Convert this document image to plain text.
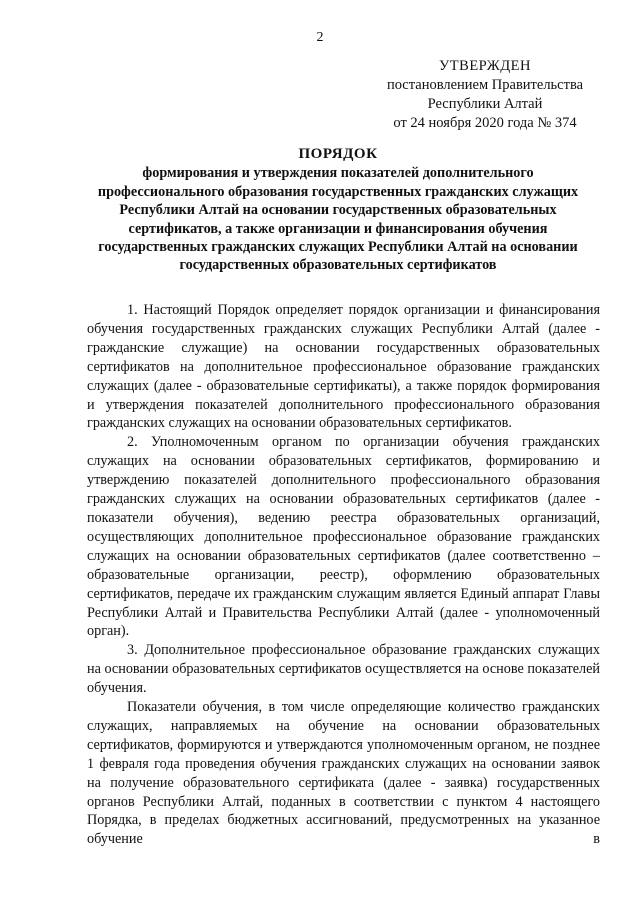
2
УТВЕРЖДЕН
постановлением Правительства
Республики Алтай
от 24 ноября 2020 года № 374
ПОРЯДОК
формирования и утверждения показателей дополнительного профессионального образования государственных гражданских служащих Республики Алтай на основании государственных образовательных сертификатов, а также организации и финансирования обучения государственных гражданских служащих Республики Алтай на основании государственных образовательных сертификатов

1. Настоящий Порядок определяет порядок организации и финансирования обучения государственных гражданских служащих Республики Алтай (далее - гражданские служащие) на основании государственных образовательных сертификатов на дополнительное профессиональное образование гражданских служащих (далее - образовательные сертификаты), а также порядок формирования и утверждения показателей дополнительного профессионального образования гражданских служащих на основании образовательных сертификатов.

2. Уполномоченным органом по организации обучения гражданских служащих на основании образовательных сертификатов, формированию и утверждению показателей дополнительного профессионального образования гражданских служащих на основании образовательных сертификатов (далее - показатели обучения), ведению реестра образовательных организаций, осуществляющих дополнительное профессиональное образование гражданских служащих на основании образовательных сертификатов (далее соответственно – образовательные организации, реестр), оформлению образовательных сертификатов, передаче их гражданским служащим является Единый аппарат Главы Республики Алтай и Правительства Республики Алтай (далее - уполномоченный орган).

3. Дополнительное профессиональное образование гражданских служащих на основании образовательных сертификатов осуществляется на основе показателей обучения.

Показатели обучения, в том числе определяющие количество гражданских служащих, направляемых на обучение на основании образовательных сертификатов, формируются и утверждаются уполномоченным органом, не позднее 1 февраля года проведения обучения гражданских служащих на основании заявок на получение образовательного сертификата (далее - заявка) государственных органов Республики Алтай, поданных в соответствии с пунктом 4 настоящего Порядка, в пределах бюджетных ассигнований, предусмотренных на указанное обучение в
